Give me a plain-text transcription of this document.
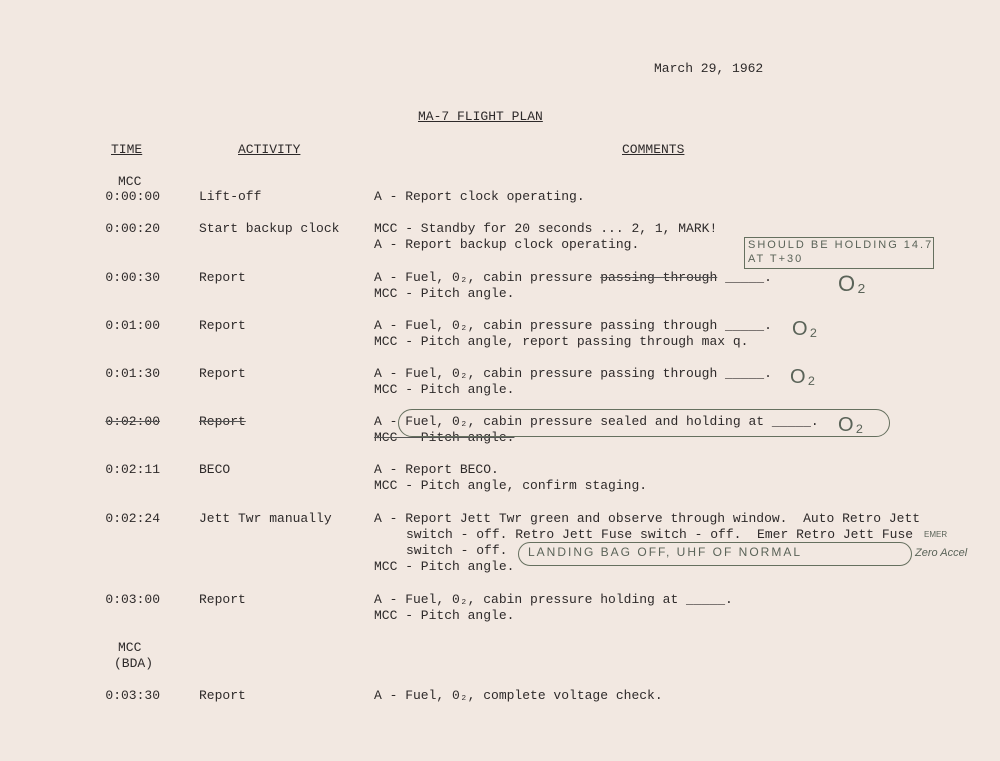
March 29, 1962
MA-7 FLIGHT PLAN
TIME	ACTIVITY	COMMENTS
MCC
0:00:00	Lift-off	A - Report clock operating.
0:00:20	Start backup clock	MCC - Standby for 20 seconds ... 2, 1, MARK!
A - Report backup clock operating.
0:00:30	Report	A - Fuel, 0₂, cabin pressure passing through _____.
MCC - Pitch angle.
0:01:00	Report	A - Fuel, 0₂, cabin pressure passing through _____.
MCC - Pitch angle, report passing through max q.
0:01:30	Report	A - Fuel, 0₂, cabin pressure passing through _____.
MCC - Pitch angle.
0:02:00	Report	A - Fuel, 0₂, cabin pressure sealed and holding at _____.
MCC - Pitch angle.
0:02:11	BECO	A - Report BECO.
MCC - Pitch angle, confirm staging.
0:02:24	Jett Twr manually	A - Report Jett Twr green and observe through window.  Auto Retro Jett
switch - off. Retro Jett Fuse switch - off.  Emer Retro Jett Fuse
switch - off.
MCC - Pitch angle.
0:03:00	Report	A - Fuel, 0₂, cabin pressure holding at _____.
MCC - Pitch angle.
MCC
(BDA)
0:03:30	Report	A - Fuel, 0₂, complete voltage check.
SHOULD BE HOLDING 14.7
AT T+30
O₂
O₂
O₂
O₂
EMER
LANDING BAG OFF, UHF OF NORMAL	Zero Accel
